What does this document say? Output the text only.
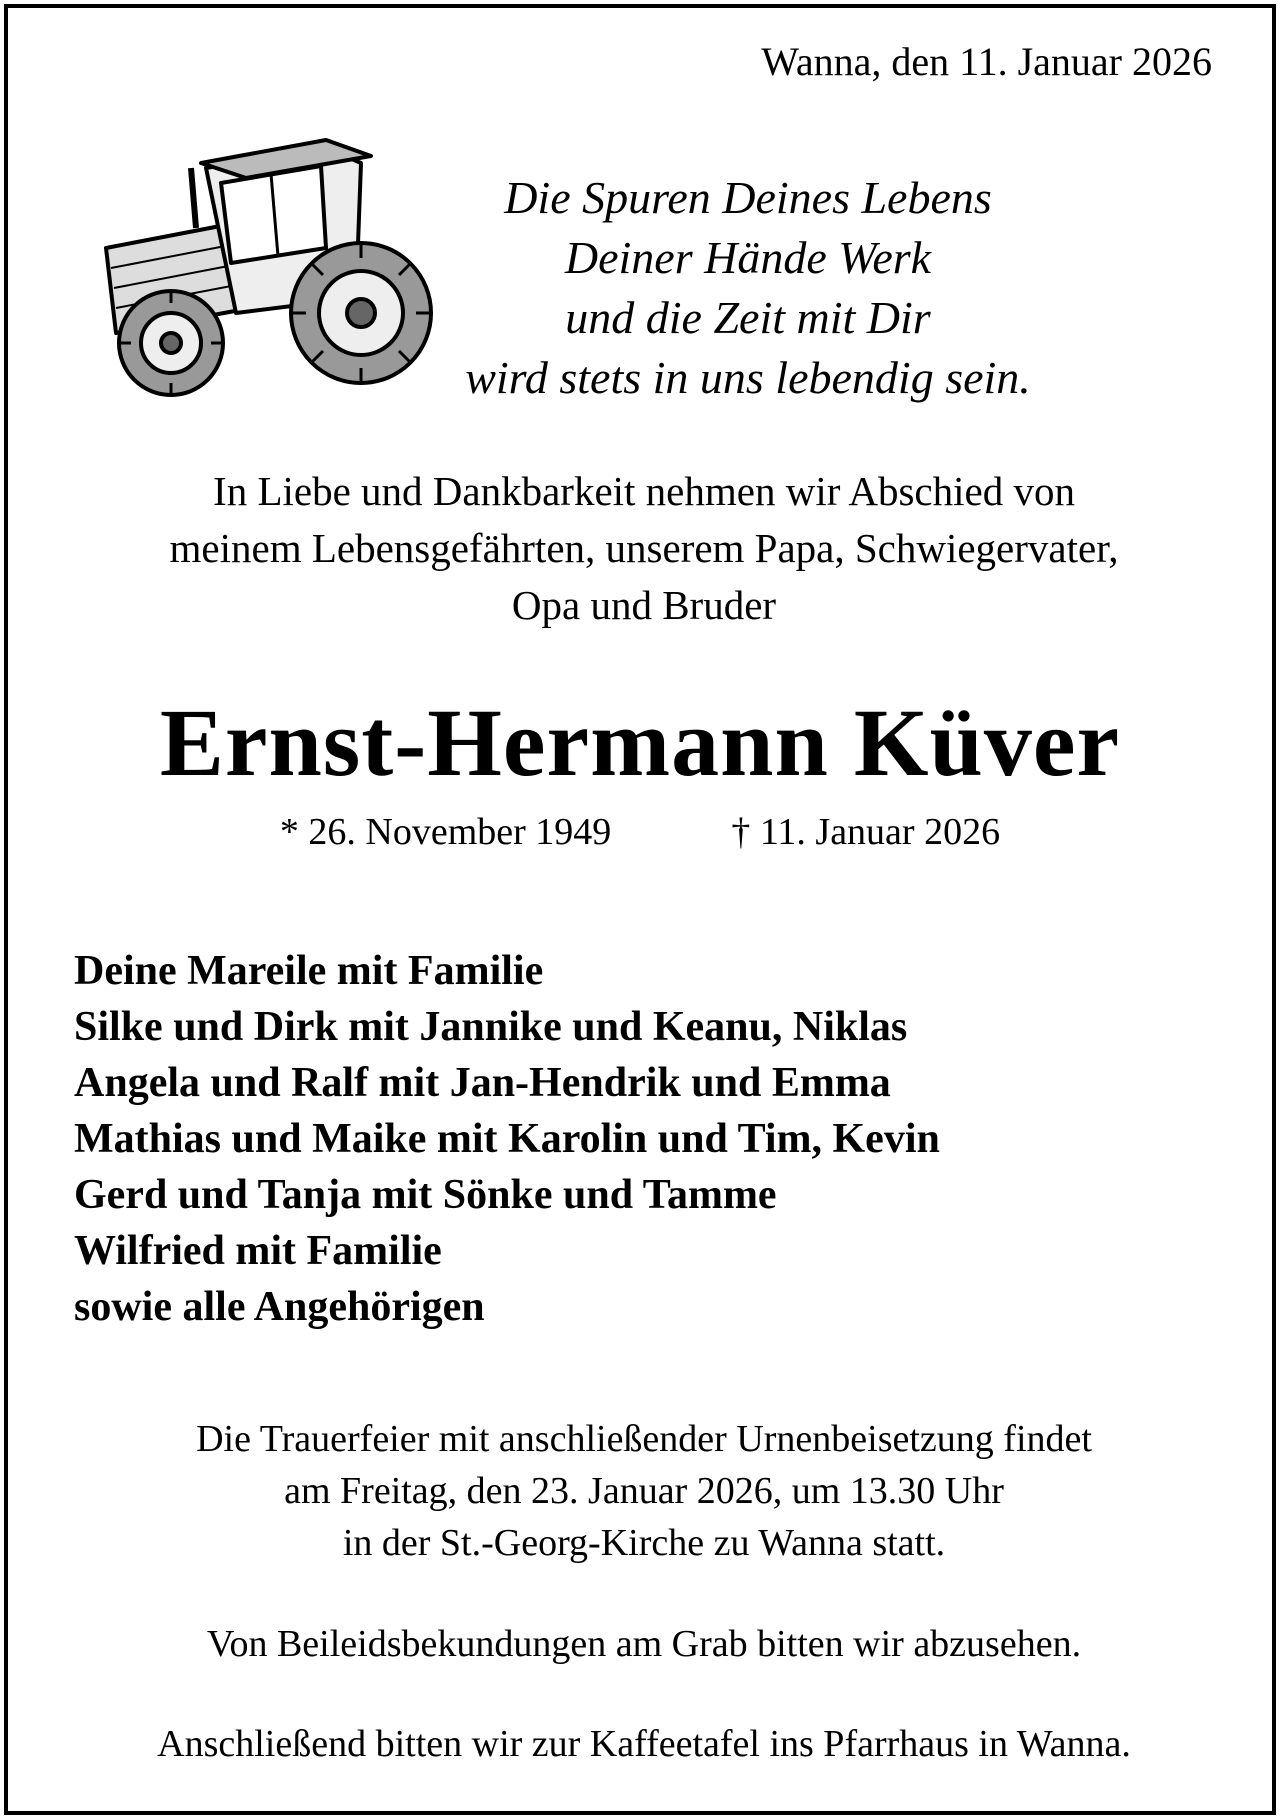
Wanna, den 11. Januar 2026
Die Spuren Deines Lebens
Deiner Hände Werk
und die Zeit mit Dir
wird stets in uns lebendig sein.
In Liebe und Dankbarkeit nehmen wir Abschied von
meinem Lebensgefährten, unserem Papa, Schwiegervater,
Opa und Bruder
Ernst-Hermann Küver
* 26. November 1949	† 11. Januar 2026
Deine Mareile mit Familie
Silke und Dirk mit Jannike und Keanu, Niklas
Angela und Ralf mit Jan-Hendrik und Emma
Mathias und Maike mit Karolin und Tim, Kevin
Gerd und Tanja mit Sönke und Tamme
Wilfried mit Familie
sowie alle Angehörigen
Die Trauerfeier mit anschließender Urnenbeisetzung findet
am Freitag, den 23. Januar 2026, um 13.30 Uhr
in der St.-Georg-Kirche zu Wanna statt.
Von Beileidsbekundungen am Grab bitten wir abzusehen.
Anschließend bitten wir zur Kaffeetafel ins Pfarrhaus in Wanna.
